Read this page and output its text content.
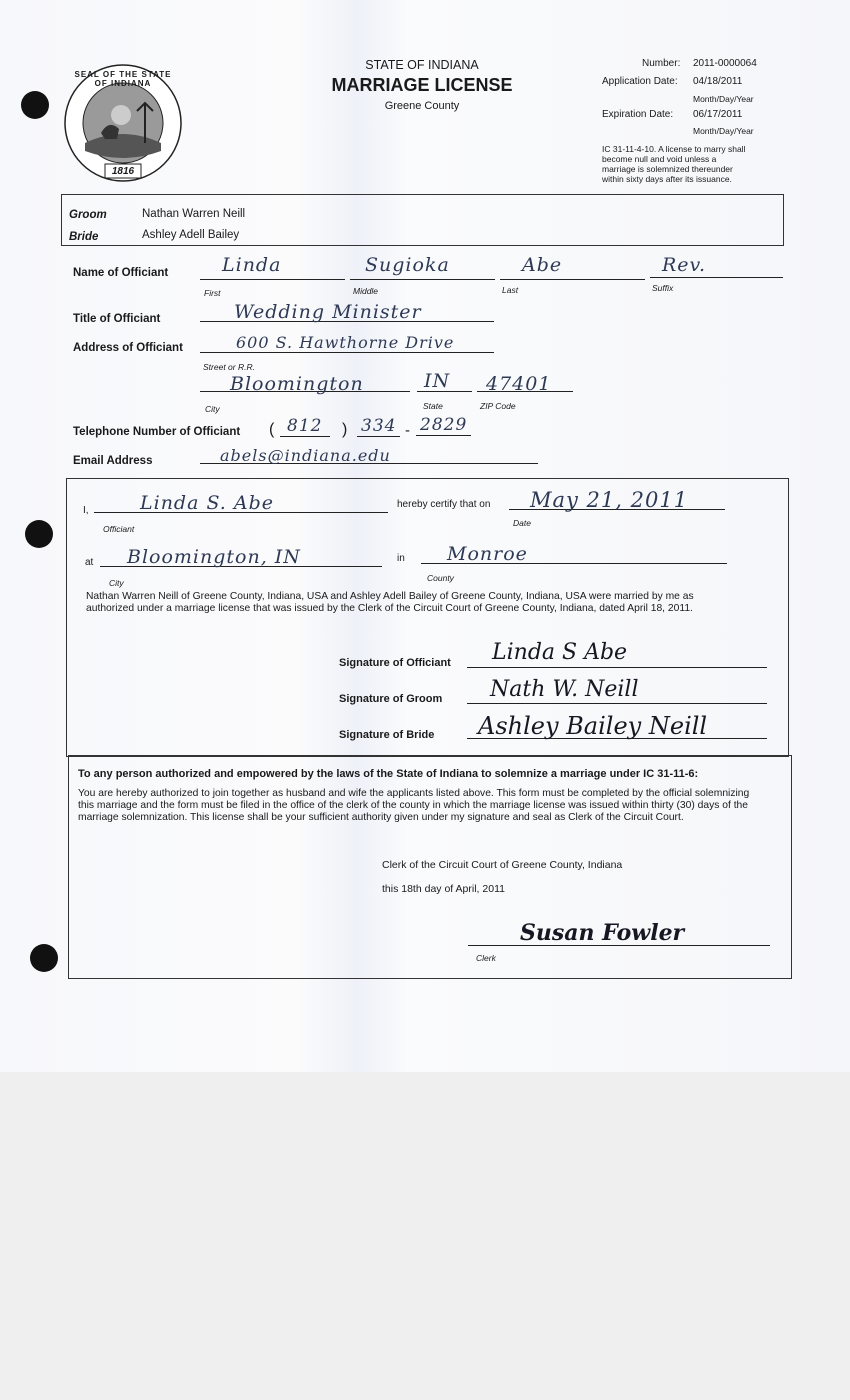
SEAL OF THE STATE OF INDIANA
1816
STATE OF INDIANA
MARRIAGE LICENSE
Greene County
Number: 2011-0000064
Application Date: 04/18/2011
Month/Day/Year
Expiration Date: 06/17/2011
Month/Day/Year
IC 31-11-4-10. A license to marry shall
become null and void unless a
marriage is solemnized thereunder
within sixty days after its issuance.
Groom	Nathan Warren Neill
Bride	Ashley Adell Bailey
Name of Officiant	Linda	Sugioka	Abe	Rev.
First	Middle	Last	Suffix
Title of Officiant	Wedding Minister
Address of Officiant	600 S. Hawthorne Drive
Street or R.R.
Bloomington	IN 47401
City	State	ZIP Code
Telephone Number of Officiant ( 812 ) 334 - 2829
Email Address	abels@indiana.edu
I,	Linda S. Abe
Officiant
hereby certify that on May 21, 2011
Date
at Bloomington, IN
City
in Monroe
County

Nathan Warren Neill of Greene County, Indiana, USA and Ashley Adell Bailey of Greene County, Indiana, USA were married by me as authorized under a marriage license that was issued by the Clerk of the Circuit Court of Greene County, Indiana, dated April 18, 2011.

Signature of Officiant Linda S Abe
Signature of Groom Nath W. Neill
Signature of Bride Ashley Bailey Neill
To any person authorized and empowered by the laws of the State of Indiana to solemnize a marriage under IC 31-11-6:

You are hereby authorized to join together as husband and wife the applicants listed above. This form must be completed by the official solemnizing this marriage and the form must be filed in the office of the clerk of the county in which the marriage license was issued within thirty (30) days of the marriage solemnization. This license shall be your sufficient authority given under my signature and seal as Clerk of the Circuit Court.

Clerk of the Circuit Court of Greene County, Indiana
this 18th day of April, 2011
Clerk
Susan Fowler
